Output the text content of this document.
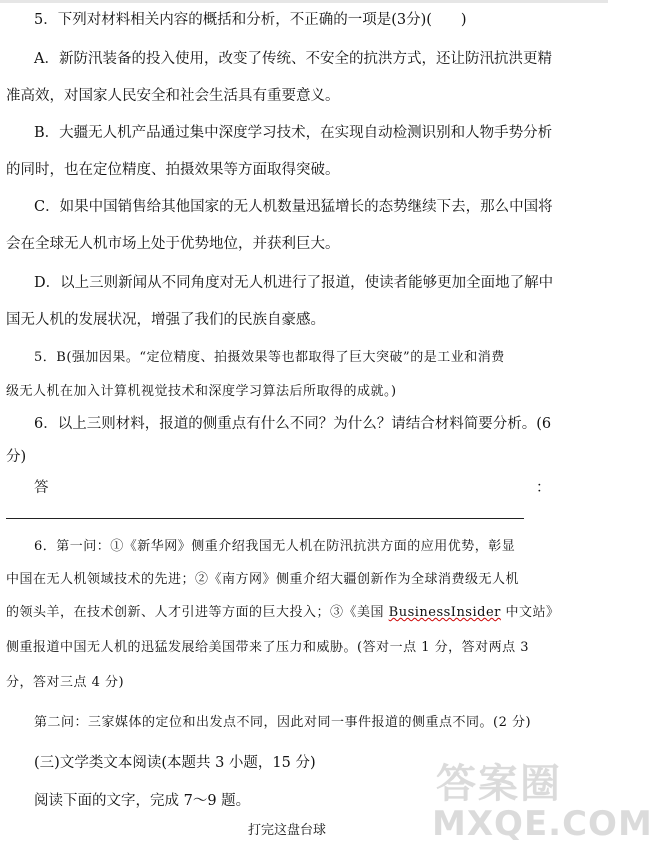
5．下列对材料相关内容的概括和分析，不正确的一项是(3分)(　　)
A．新防汛装备的投入使用，改变了传统、不安全的抗洪方式，还让防汛抗洪更精
准高效，对国家人民安全和社会生活具有重要意义。
B．大疆无人机产品通过集中深度学习技术，在实现自动检测识别和人物手势分析
的同时，也在定位精度、拍摄效果等方面取得突破。
C．如果中国销售给其他国家的无人机数量迅猛增长的态势继续下去，那么中国将
会在全球无人机市场上处于优势地位，并获利巨大。
D．以上三则新闻从不同角度对无人机进行了报道，使读者能够更加全面地了解中
国无人机的发展状况，增强了我们的民族自豪感。
5．B(强加因果。“定位精度、拍摄效果等也都取得了巨大突破”的是工业和消费
级无人机在加入计算机视觉技术和深度学习算法后所取得的成就。)
6．以上三则材料，报道的侧重点有什么不同？为什么？请结合材料简要分析。(6
分)
答	：
6．第一问：①《新华网》侧重介绍我国无人机在防汛抗洪方面的应用优势，彰显
中国在无人机领域技术的先进；②《南方网》侧重介绍大疆创新作为全球消费级无人机
的领头羊，在技术创新、人才引进等方面的巨大投入；③《美国 BusinessInsider 中文站》
侧重报道中国无人机的迅猛发展给美国带来了压力和威胁。(答对一点 1 分，答对两点 3
分，答对三点 4 分)
第二问：三家媒体的定位和出发点不同，因此对同一事件报道的侧重点不同。(2 分)
(三)文学类文本阅读(本题共 3 小题，15 分)
阅读下面的文字，完成 7～9 题。
打完这盘台球
答案圈
MXQE.COM
